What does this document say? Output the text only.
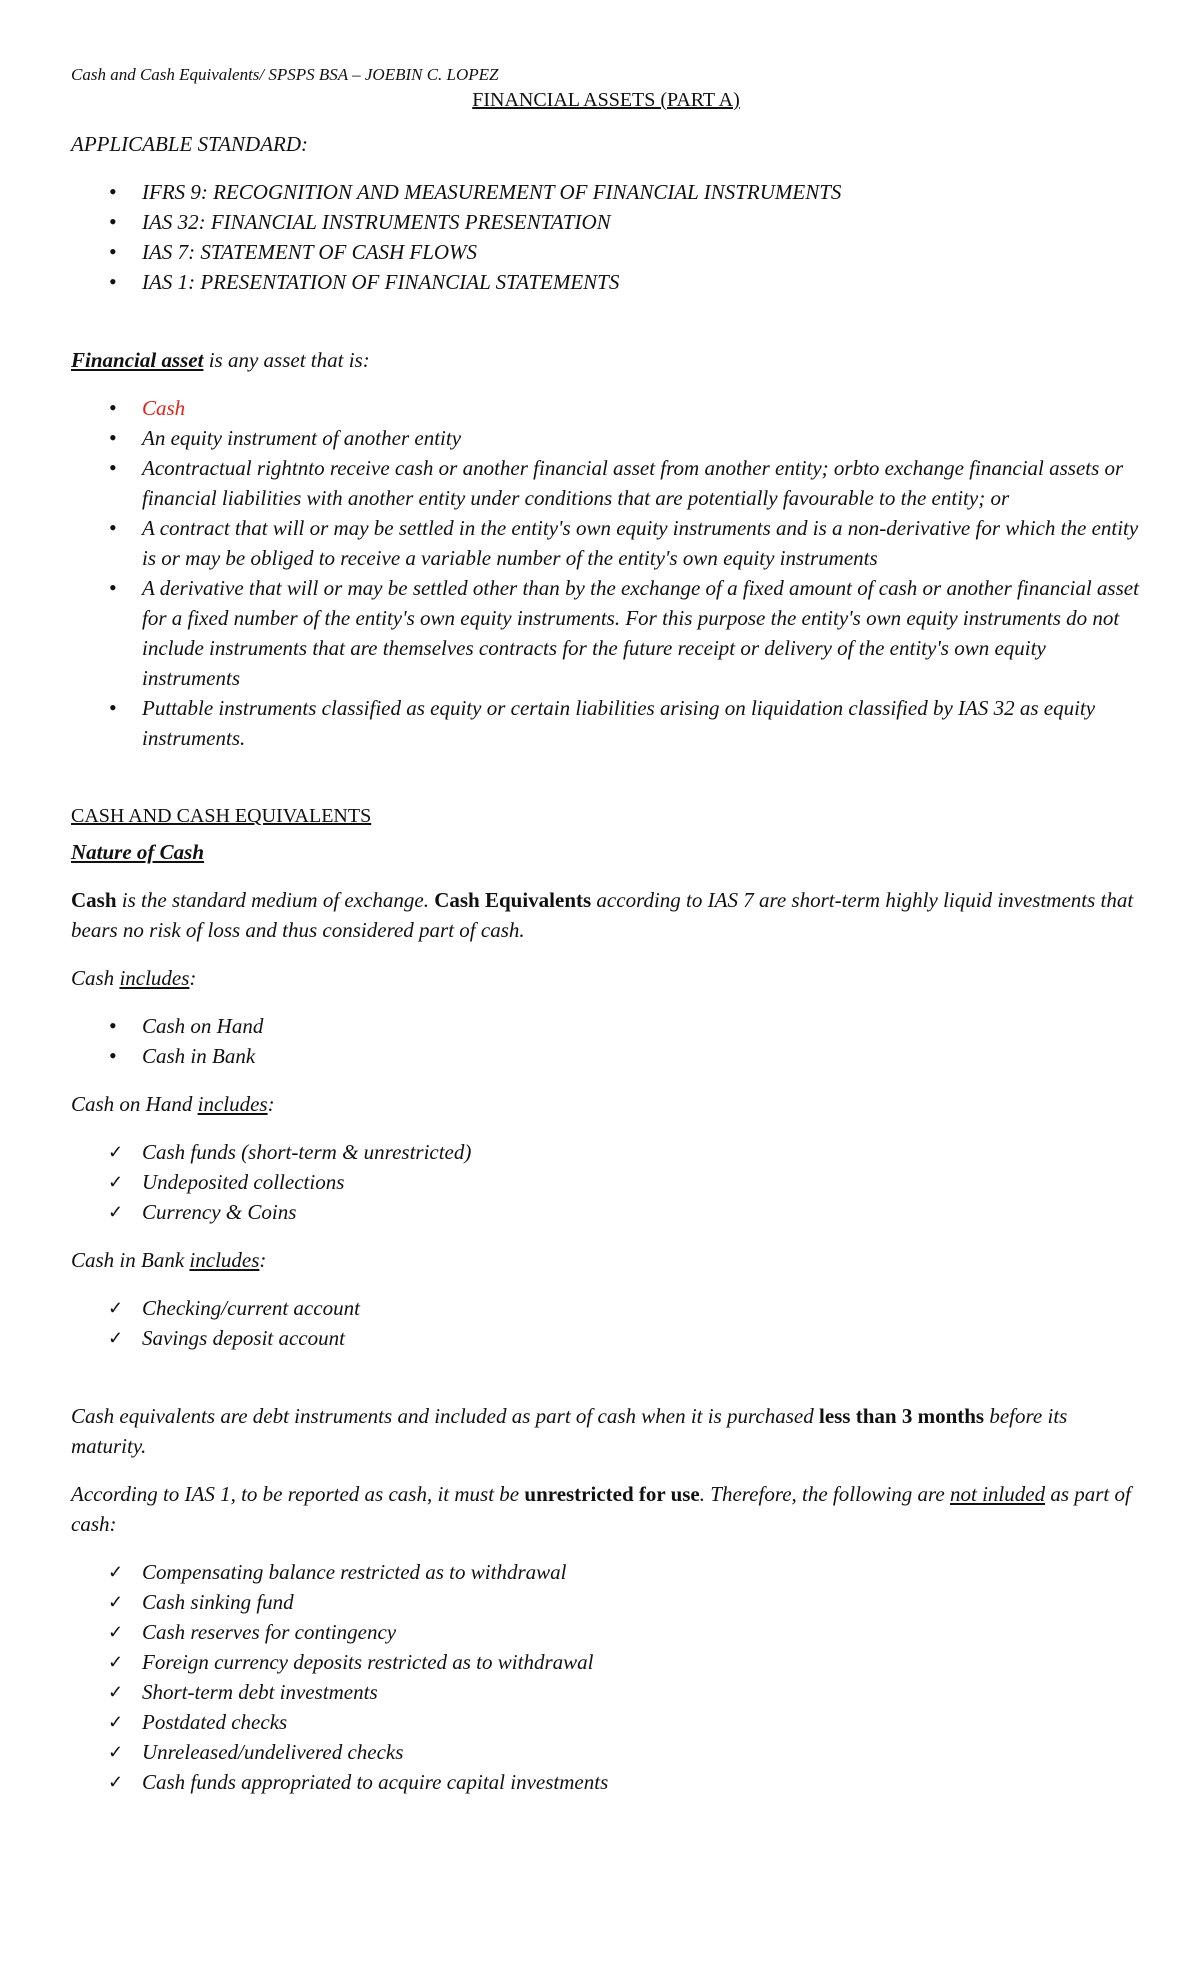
Cash and Cash Equivalents/ SPSPS BSA – JOEBIN C. LOPEZ
FINANCIAL ASSETS (PART A)

APPLICABLE STANDARD:

• IFRS 9: RECOGNITION AND MEASUREMENT OF FINANCIAL INSTRUMENTS
• IAS 32: FINANCIAL INSTRUMENTS PRESENTATION
• IAS 7: STATEMENT OF CASH FLOWS
• IAS 1: PRESENTATION OF FINANCIAL STATEMENTS

Financial asset is any asset that is:

• Cash
• An equity instrument of another entity
• Acontractual rightnto receive cash or another financial asset from another entity; orbto exchange financial assets or financial liabilities with another entity under conditions that are potentially favourable to the entity; or
• A contract that will or may be settled in the entity's own equity instruments and is a non-derivative for which the entity is or may be obliged to receive a variable number of the entity's own equity instruments
• A derivative that will or may be settled other than by the exchange of a fixed amount of cash or another financial asset for a fixed number of the entity's own equity instruments. For this purpose the entity's own equity instruments do not include instruments that are themselves contracts for the future receipt or delivery of the entity's own equity instruments
• Puttable instruments classified as equity or certain liabilities arising on liquidation classified by IAS 32 as equity instruments.

CASH AND CASH EQUIVALENTS

Nature of Cash

Cash is the standard medium of exchange. Cash Equivalents according to IAS 7 are short-term highly liquid investments that bears no risk of loss and thus considered part of cash.

Cash includes:

• Cash on Hand
• Cash in Bank

Cash on Hand includes:

✓ Cash funds (short-term & unrestricted)
✓ Undeposited collections
✓ Currency & Coins

Cash in Bank includes:

✓ Checking/current account
✓ Savings deposit account

Cash equivalents are debt instruments and included as part of cash when it is purchased less than 3 months before its maturity.

According to IAS 1, to be reported as cash, it must be unrestricted for use. Therefore, the following are not inluded as part of cash:

✓ Compensating balance restricted as to withdrawal
✓ Cash sinking fund
✓ Cash reserves for contingency
✓ Foreign currency deposits restricted as to withdrawal
✓ Short-term debt investments
✓ Postdated checks
✓ Unreleased/undelivered checks
✓ Cash funds appropriated to acquire capital investments
